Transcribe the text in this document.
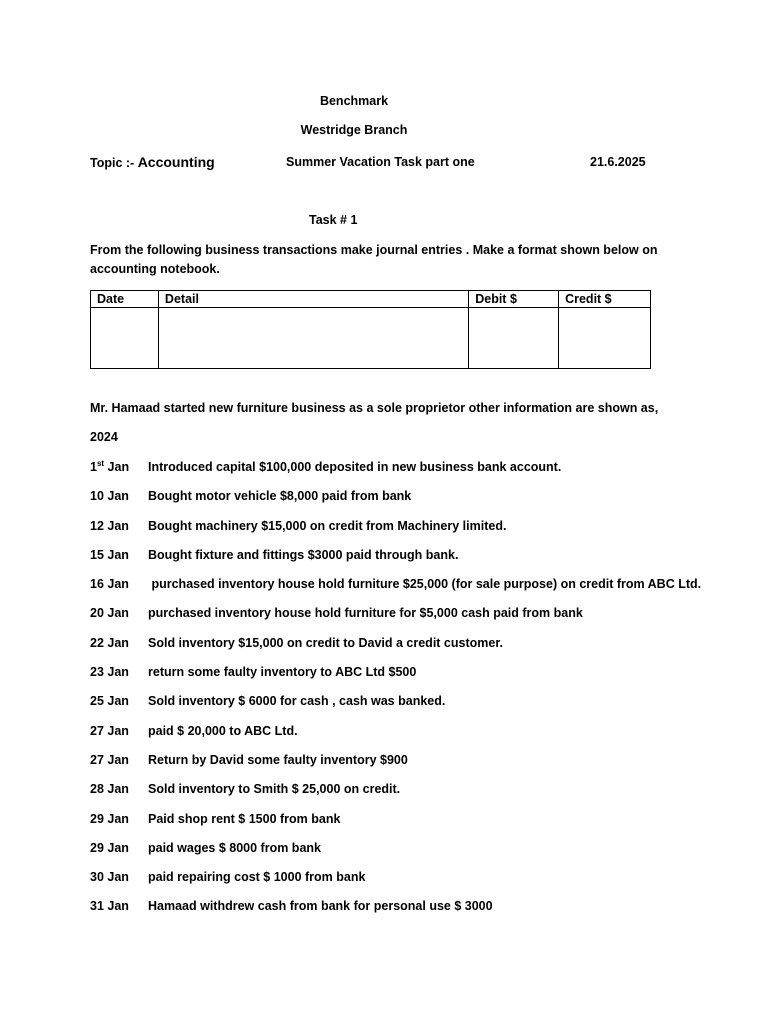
Benchmark
Westridge Branch
Topic :- Accounting	Summer Vacation Task part one	21.6.2025
Task # 1
From the following business transactions make journal entries . Make a format shown below on accounting notebook.
Date	Detail	Debit $	Credit $

Mr. Hamaad started new furniture business as a sole proprietor other information are shown as,
2024
1st Jan Introduced capital $100,000 deposited in new business bank account.
10 Jan Bought motor vehicle $8,000 paid from bank
12 Jan Bought machinery $15,000 on credit from Machinery limited.
15 Jan Bought fixture and fittings $3000 paid through bank.
16 Jan purchased inventory house hold furniture $25,000 (for sale purpose) on credit from ABC Ltd.
20 Jan purchased inventory house hold furniture for $5,000 cash paid from bank
22 Jan Sold inventory $15,000 on credit to David a credit customer.
23 Jan return some faulty inventory to ABC Ltd $500
25 Jan Sold inventory $ 6000 for cash , cash was banked.
27 Jan paid $ 20,000 to ABC Ltd.
27 Jan Return by David some faulty inventory $900
28 Jan Sold inventory to Smith $ 25,000 on credit.
29 Jan Paid shop rent $ 1500 from bank
29 Jan paid wages $ 8000 from bank
30 Jan paid repairing cost $ 1000 from bank
31 Jan Hamaad withdrew cash from bank for personal use $ 3000
